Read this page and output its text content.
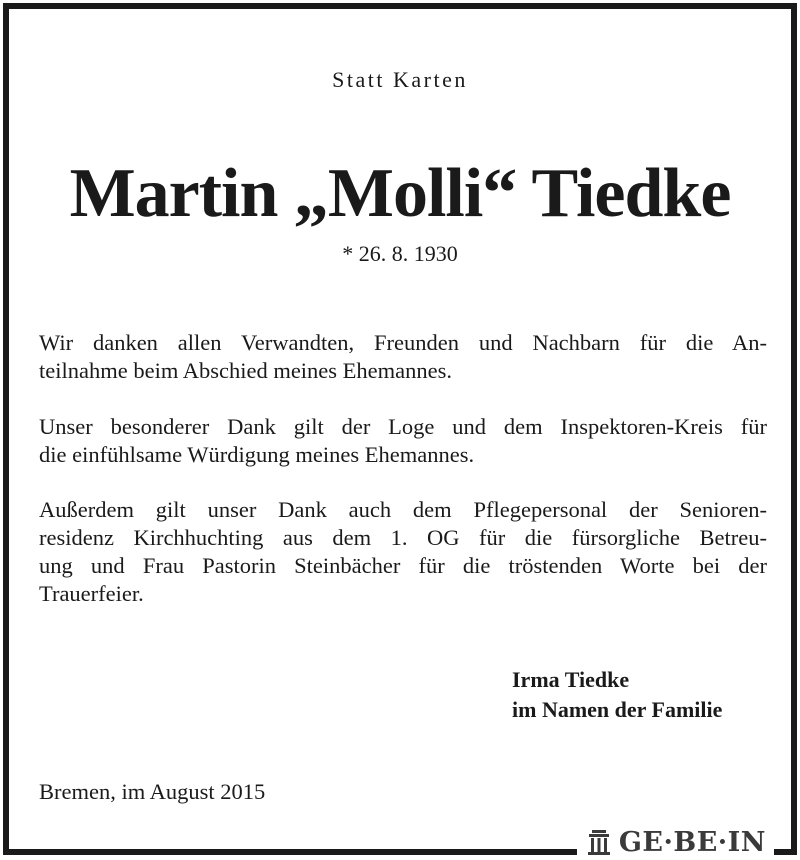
Statt Karten
Martin „Molli“ Tiedke
* 26. 8. 1930
Wir danken allen Verwandten, Freunden und Nachbarn für die An-
teilnahme beim Abschied meines Ehemannes.
Unser besonderer Dank gilt der Loge und dem Inspektoren-Kreis für
die einfühlsame Würdigung meines Ehemannes.
Außerdem gilt unser Dank auch dem Pflegepersonal der Senioren-
residenz Kirchhuchting aus dem 1. OG für die fürsorgliche Betreu-
ung und Frau Pastorin Steinbächer für die tröstenden Worte bei der
Trauerfeier.
Irma Tiedke
im Namen der Familie
Bremen, im August 2015
GE·BE·IN
